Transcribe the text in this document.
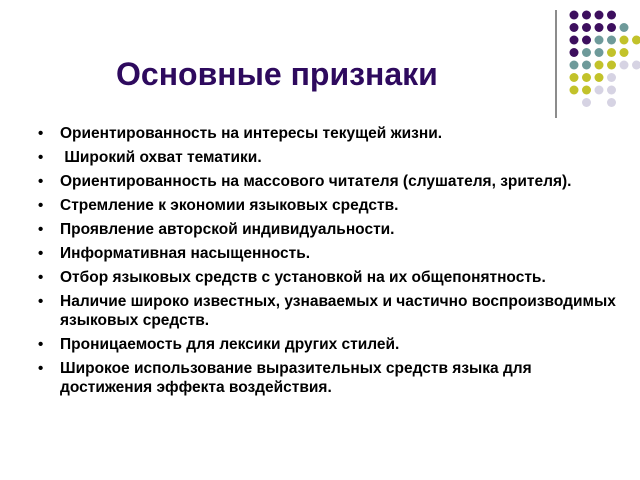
Основные признаки
• Ориентированность на интересы текущей жизни.
• Широкий охват тематики.
• Ориентированность на массового читателя (слушателя, зрителя).
• Стремление к экономии языковых средств.
• Проявление авторской индивидуальности.
• Информативная насыщенность.
• Отбор языковых средств с установкой на их общепонятность.
• Наличие широко известных, узнаваемых и частично воспроизводимых языковых средств.
• Проницаемость для лексики других стилей.
• Широкое использование выразительных средств языка для достижения эффекта воздействия.
